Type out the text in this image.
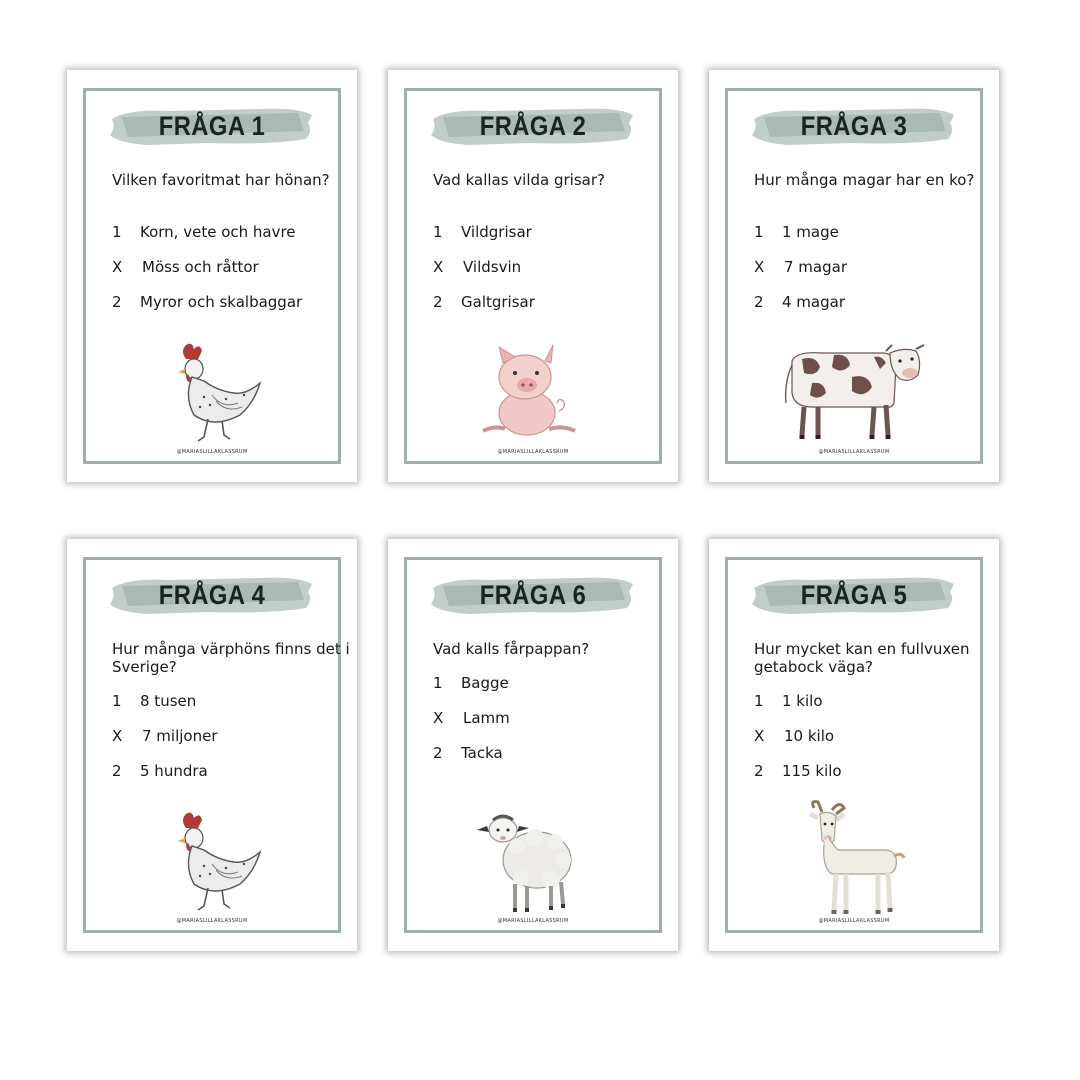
FRÅGA 1
Vilken favoritmat har hönan?
1	Korn, vete och havre
X	Möss och råttor
2	Myror och skalbaggar
@MARIASLILLAKLASSRUM
FRÅGA 2
Vad kallas vilda grisar?
1	Vildgrisar
X	Vildsvin
2	Galtgrisar
@MARIASLILLAKLASSRUM
FRÅGA 3
Hur många magar har en ko?
1	1 mage
X	7 magar
2	4 magar
@MARIASLILLAKLASSRUM
FRÅGA 4
Hur många värphöns finns det i Sverige?
1	8 tusen
X	7 miljoner
2	5 hundra
@MARIASLILLAKLASSRUM
FRÅGA 6
Vad kalls fårpappan?
1	Bagge
X	Lamm
2	Tacka
@MARIASLILLAKLASSRUM
FRÅGA 5
Hur mycket kan en fullvuxen getabock väga?
1	1 kilo
X	10 kilo
2	115 kilo
@MARIASLILLAKLASSRUM
